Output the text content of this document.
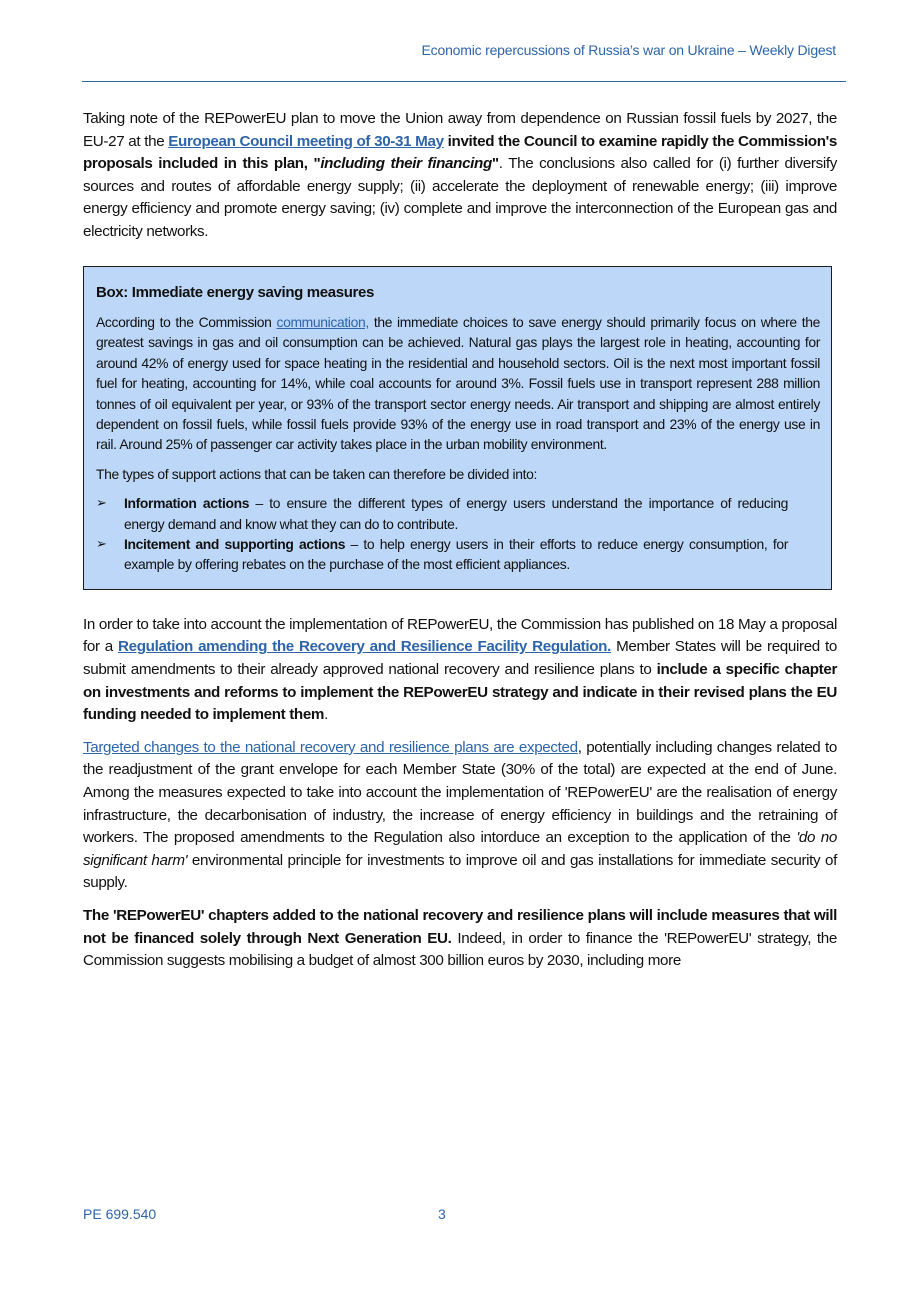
Economic repercussions of Russia’s war on Ukraine – Weekly Digest

Taking note of the REPowerEU plan to move the Union away from dependence on Russian fossil fuels by 2027, the EU-27 at the European Council meeting of 30-31 May invited the Council to examine rapidly the Commission's proposals included in this plan, "including their financing". The conclusions also called for (i) further diversify sources and routes of affordable energy supply; (ii) accelerate the deployment of renewable energy; (iii) improve energy efficiency and promote energy saving; (iv) complete and improve the interconnection of the European gas and electricity networks.

Box: Immediate energy saving measures

According to the Commission communication, the immediate choices to save energy should primarily focus on where the greatest savings in gas and oil consumption can be achieved. Natural gas plays the largest role in heating, accounting for around 42% of energy used for space heating in the residential and household sectors. Oil is the next most important fossil fuel for heating, accounting for 14%, while coal accounts for around 3%. Fossil fuels use in transport represent 288 million tonnes of oil equivalent per year, or 93% of the transport sector energy needs. Air transport and shipping are almost entirely dependent on fossil fuels, while fossil fuels provide 93% of the energy use in road transport and 23% of the energy use in rail. Around 25% of passenger car activity takes place in the urban mobility environment.

The types of support actions that can be taken can therefore be divided into:

➢ Information actions – to ensure the different types of energy users understand the importance of reducing energy demand and know what they can do to contribute.
➢ Incitement and supporting actions – to help energy users in their efforts to reduce energy consumption, for example by offering rebates on the purchase of the most efficient appliances.

In order to take into account the implementation of REPowerEU, the Commission has published on 18 May a proposal for a Regulation amending the Recovery and Resilience Facility Regulation. Member States will be required to submit amendments to their already approved national recovery and resilience plans to include a specific chapter on investments and reforms to implement the REPowerEU strategy and indicate in their revised plans the EU funding needed to implement them.

Targeted changes to the national recovery and resilience plans are expected, potentially including changes related to the readjustment of the grant envelope for each Member State (30% of the total) are expected at the end of June. Among the measures expected to take into account the implementation of 'REPowerEU' are the realisation of energy infrastructure, the decarbonisation of industry, the increase of energy efficiency in buildings and the retraining of workers. The proposed amendments to the Regulation also intorduce an exception to the application of the 'do no significant harm' environmental principle for investments to improve oil and gas installations for immediate security of supply.

The 'REPowerEU' chapters added to the national recovery and resilience plans will include measures that will not be financed solely through Next Generation EU. Indeed, in order to finance the 'REPowerEU' strategy, the Commission suggests mobilising a budget of almost 300 billion euros by 2030, including more

PE 699.540	3
